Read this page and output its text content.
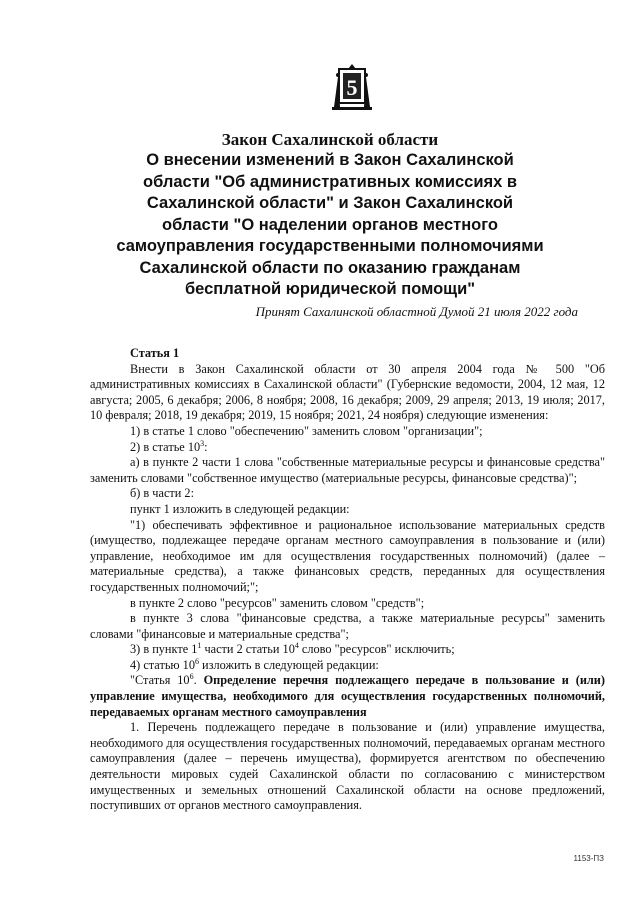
5

Закон Сахалинской области

О внесении изменений в Закон Сахалинской

области "Об административных комиссиях в

Сахалинской области" и Закон Сахалинской

области "О наделении органов местного

самоуправления государственными полномочиями

Сахалинской области по оказанию гражданам

бесплатной юридической помощи"

Принят Сахалинской областной Думой 21 июля 2022 года

Статья 1

Внести в Закон Сахалинской области от 30 апреля 2004 года № 500 "Об административных комиссиях в Сахалинской области" (Губернские ведомости, 2004, 12 мая, 12 августа; 2005, 6 декабря; 2006, 8 ноября; 2008, 16 декабря; 2009, 29 апреля; 2013, 19 июля; 2017, 10 февраля; 2018, 19 декабря; 2019, 15 ноября; 2021, 24 ноября) следующие изменения:

1) в статье 1 слово "обеспечению" заменить словом "организации";

2) в статье $10^3$:

а) в пункте 2 части 1 слова "собственные материальные ресурсы и финансовые средства" заменить словами "собственное имущество (материальные ресурсы, финансовые средства)";

б) в части 2:

пункт 1 изложить в следующей редакции:

"1) обеспечивать эффективное и рациональное использование материальных средств (имущество, подлежащее передаче органам местного самоуправления в пользование и (или) управление, необходимое им для осуществления государственных полномочий) (далее – материальные средства), а также финансовых средств, переданных для осуществления государственных полномочий;";

в пункте 2 слово "ресурсов" заменить словом "средств";

в пункте 3 слова "финансовые средства, а также материальные ресурсы" заменить словами "финансовые и материальные средства";

3) в пункте $1^1$ части 2 статьи $10^4$ слово "ресурсов" исключить;

4) статью $10^6$ изложить в следующей редакции:

"Статья $10^6$. Определение перечня подлежащего передаче в пользование и (или) управление имущества, необходимого для осуществления государственных полномочий, передаваемых органам местного самоуправления

1. Перечень подлежащего передаче в пользование и (или) управление имущества, необходимого для осуществления государственных полномочий, передаваемых органам местного самоуправления (далее – перечень имущества), формируется агентством по обеспечению деятельности мировых судей Сахалинской области по согласованию с министерством имущественных и земельных отношений Сахалинской области на основе предложений, поступивших от органов местного самоуправления.

1153-ПЗ
